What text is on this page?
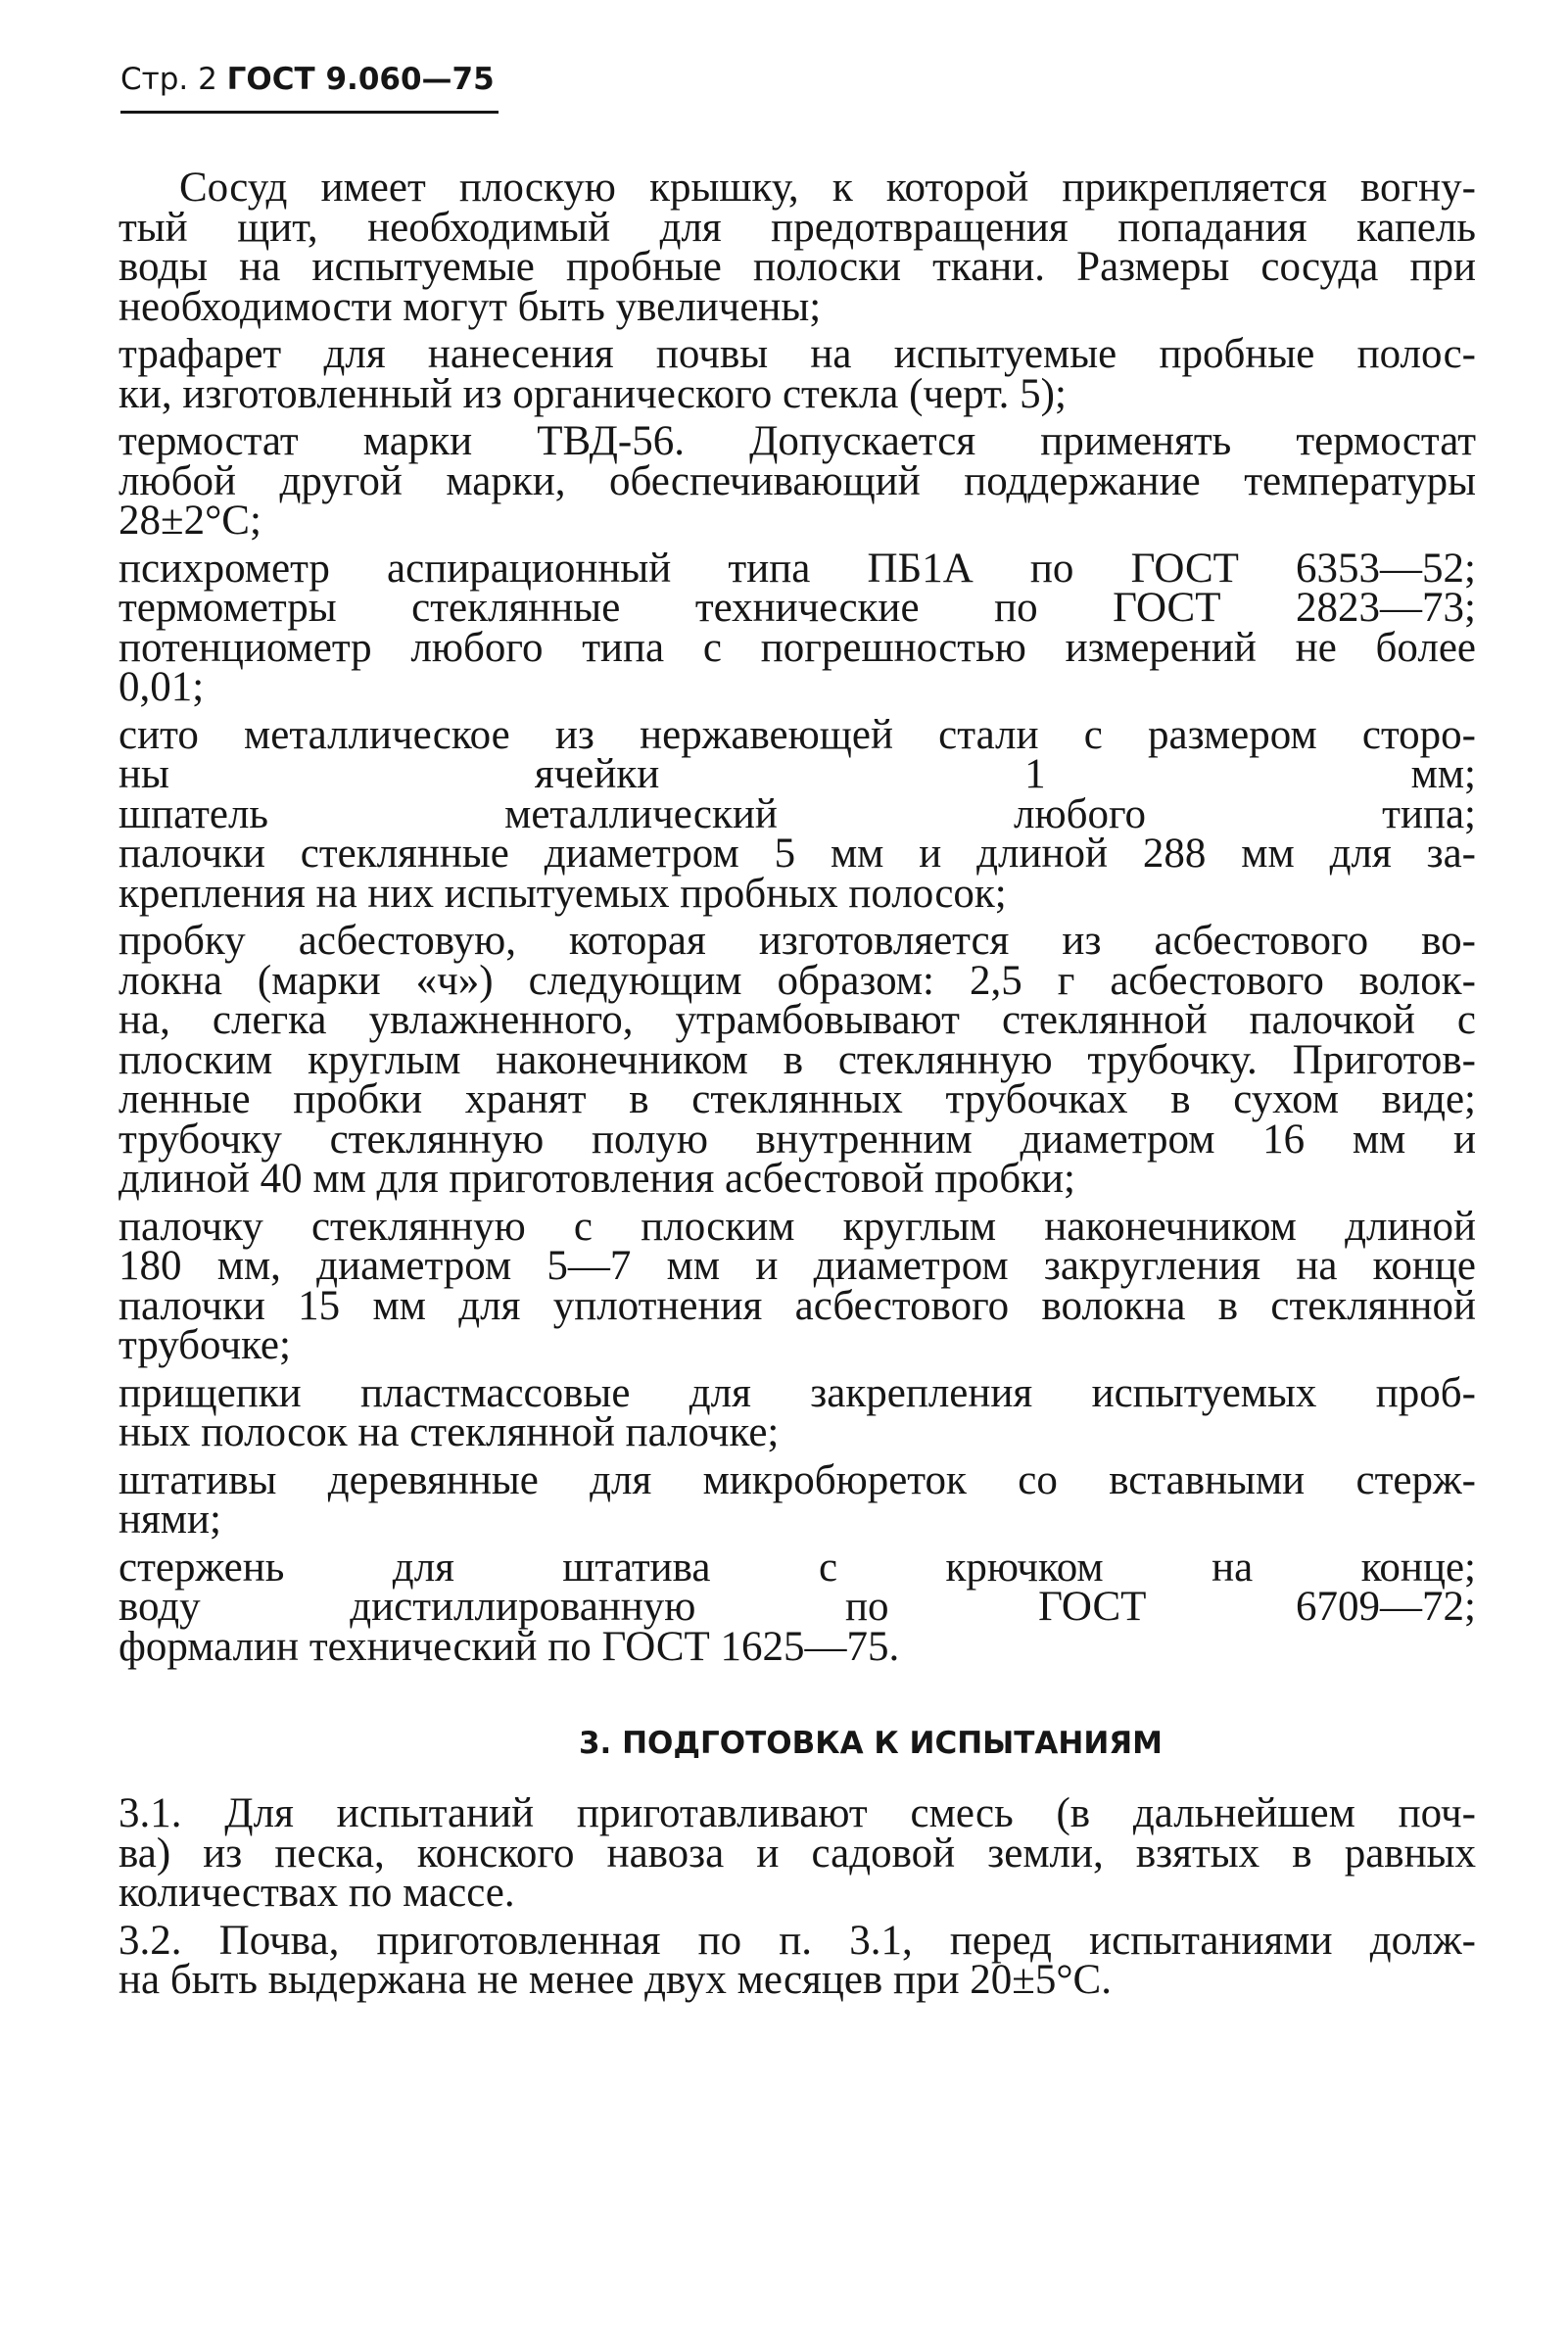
Стр. 2 ГОСТ 9.060—75
Сосуд имеет плоскую крышку, к которой прикрепляется вогну-
тый щит, необходимый для предотвращения попадания капель
воды на испытуемые пробные полоски ткани. Размеры сосуда при
необходимости могут быть увеличены;
трафарет для нанесения почвы на испытуемые пробные полос-
ки, изготовленный из органического стекла (черт. 5);
термостат марки ТВД-56. Допускается применять термостат
любой другой марки, обеспечивающий поддержание температуры
28±2°С;
психрометр аспирационный типа ПБ1А по ГОСТ 6353—52;
термометры стеклянные технические по ГОСТ 2823—73;
потенциометр любого типа с погрешностью измерений не более
0,01;
сито металлическое из нержавеющей стали с размером сторо-
ны ячейки 1 мм;
шпатель металлический любого типа;
палочки стеклянные диаметром 5 мм и длиной 288 мм для за-
крепления на них испытуемых пробных полосок;
пробку асбестовую, которая изготовляется из асбестового во-
локна (марки «ч») следующим образом: 2,5 г асбестового волок-
на, слегка увлажненного, утрамбовывают стеклянной палочкой с
плоским круглым наконечником в стеклянную трубочку. Приготов-
ленные пробки хранят в стеклянных трубочках в сухом виде;
трубочку стеклянную полую внутренним диаметром 16 мм и
длиной 40 мм для приготовления асбестовой пробки;
палочку стеклянную с плоским круглым наконечником длиной
180 мм, диаметром 5—7 мм и диаметром закругления на конце
палочки 15 мм для уплотнения асбестового волокна в стеклянной
трубочке;
прищепки пластмассовые для закрепления испытуемых проб-
ных полосок на стеклянной палочке;
штативы деревянные для микробюреток со вставными стерж-
нями;
стержень для штатива с крючком на конце;
воду дистиллированную по ГОСТ 6709—72;
формалин технический по ГОСТ 1625—75.
3. ПОДГОТОВКА К ИСПЫТАНИЯМ
3.1. Для испытаний приготавливают смесь (в дальнейшем поч-
ва) из песка, конского навоза и садовой земли, взятых в равных
количествах по массе.
3.2. Почва, приготовленная по п. 3.1, перед испытаниями долж-
на быть выдержана не менее двух месяцев при 20±5°С.
